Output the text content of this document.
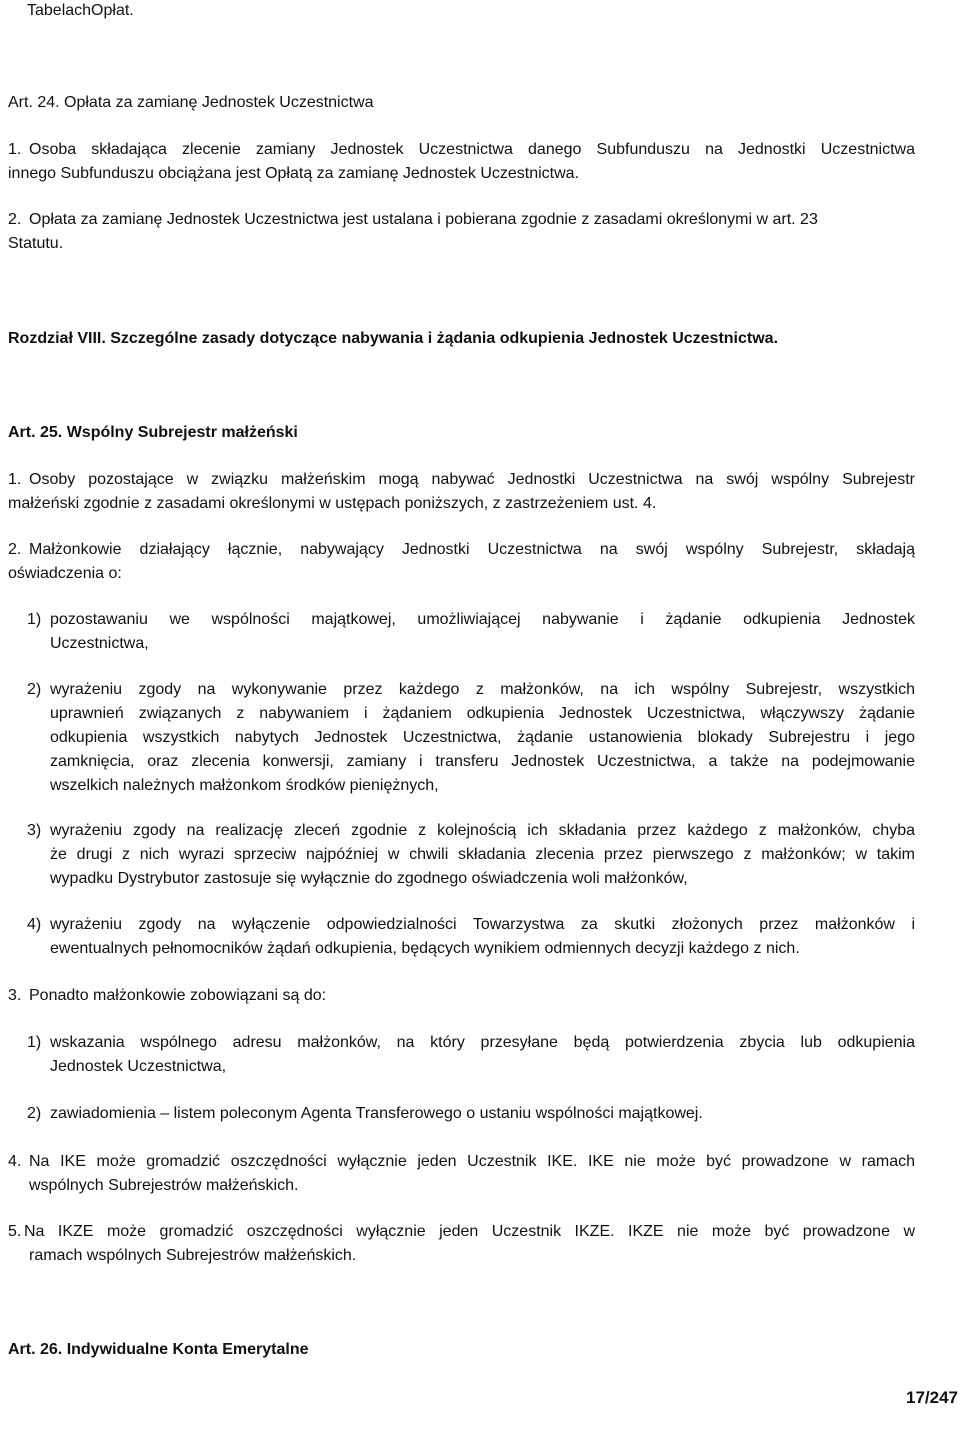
TabelachOpłat.
Art. 24. Opłata za zamianę Jednostek Uczestnictwa
1. Osoba składająca zlecenie zamiany Jednostek Uczestnictwa danego Subfunduszu na Jednostki Uczestnictwa
innego Subfunduszu obciążana jest Opłatą za zamianę Jednostek Uczestnictwa.
2. Opłata za zamianę Jednostek Uczestnictwa jest ustalana i pobierana zgodnie z zasadami określonymi w art. 23
Statutu.
Rozdział VIII. Szczególne zasady dotyczące nabywania i żądania odkupienia Jednostek Uczestnictwa.
Art. 25. Wspólny Subrejestr małżeński
1. Osoby pozostające w związku małżeńskim mogą nabywać Jednostki Uczestnictwa na swój wspólny Subrejestr
małżeński zgodnie z zasadami określonymi w ustępach poniższych, z zastrzeżeniem ust. 4.
2. Małżonkowie działający łącznie, nabywający Jednostki Uczestnictwa na swój wspólny Subrejestr, składają
oświadczenia o:
1) pozostawaniu we wspólności majątkowej, umożliwiającej nabywanie i żądanie odkupienia Jednostek
Uczestnictwa,
2) wyrażeniu zgody na wykonywanie przez każdego z małżonków, na ich wspólny Subrejestr, wszystkich
uprawnień związanych z nabywaniem i żądaniem odkupienia Jednostek Uczestnictwa, włączywszy żądanie
odkupienia wszystkich nabytych Jednostek Uczestnictwa, żądanie ustanowienia blokady Subrejestru i jego
zamknięcia, oraz zlecenia konwersji, zamiany i transferu Jednostek Uczestnictwa, a także na podejmowanie
wszelkich należnych małżonkom środków pieniężnych,
3) wyrażeniu zgody na realizację zleceń zgodnie z kolejnością ich składania przez każdego z małżonków, chyba
że drugi z nich wyrazi sprzeciw najpóźniej w chwili składania zlecenia przez pierwszego z małżonków; w takim
wypadku Dystrybutor zastosuje się wyłącznie do zgodnego oświadczenia woli małżonków,
4) wyrażeniu zgody na wyłączenie odpowiedzialności Towarzystwa za skutki złożonych przez małżonków i
ewentualnych pełnomocników żądań odkupienia, będących wynikiem odmiennych decyzji każdego z nich.
3. Ponadto małżonkowie zobowiązani są do:
1) wskazania wspólnego adresu małżonków, na który przesyłane będą potwierdzenia zbycia lub odkupienia
Jednostek Uczestnictwa,
2) zawiadomienia – listem poleconym Agenta Transferowego o ustaniu wspólności majątkowej.
4. Na IKE może gromadzić oszczędności wyłącznie jeden Uczestnik IKE. IKE nie może być prowadzone w ramach
wspólnych Subrejestrów małżeńskich.
5. Na IKZE może gromadzić oszczędności wyłącznie jeden Uczestnik IKZE. IKZE nie może być prowadzone w
ramach wspólnych Subrejestrów małżeńskich.
Art. 26. Indywidualne Konta Emerytalne
17/247
